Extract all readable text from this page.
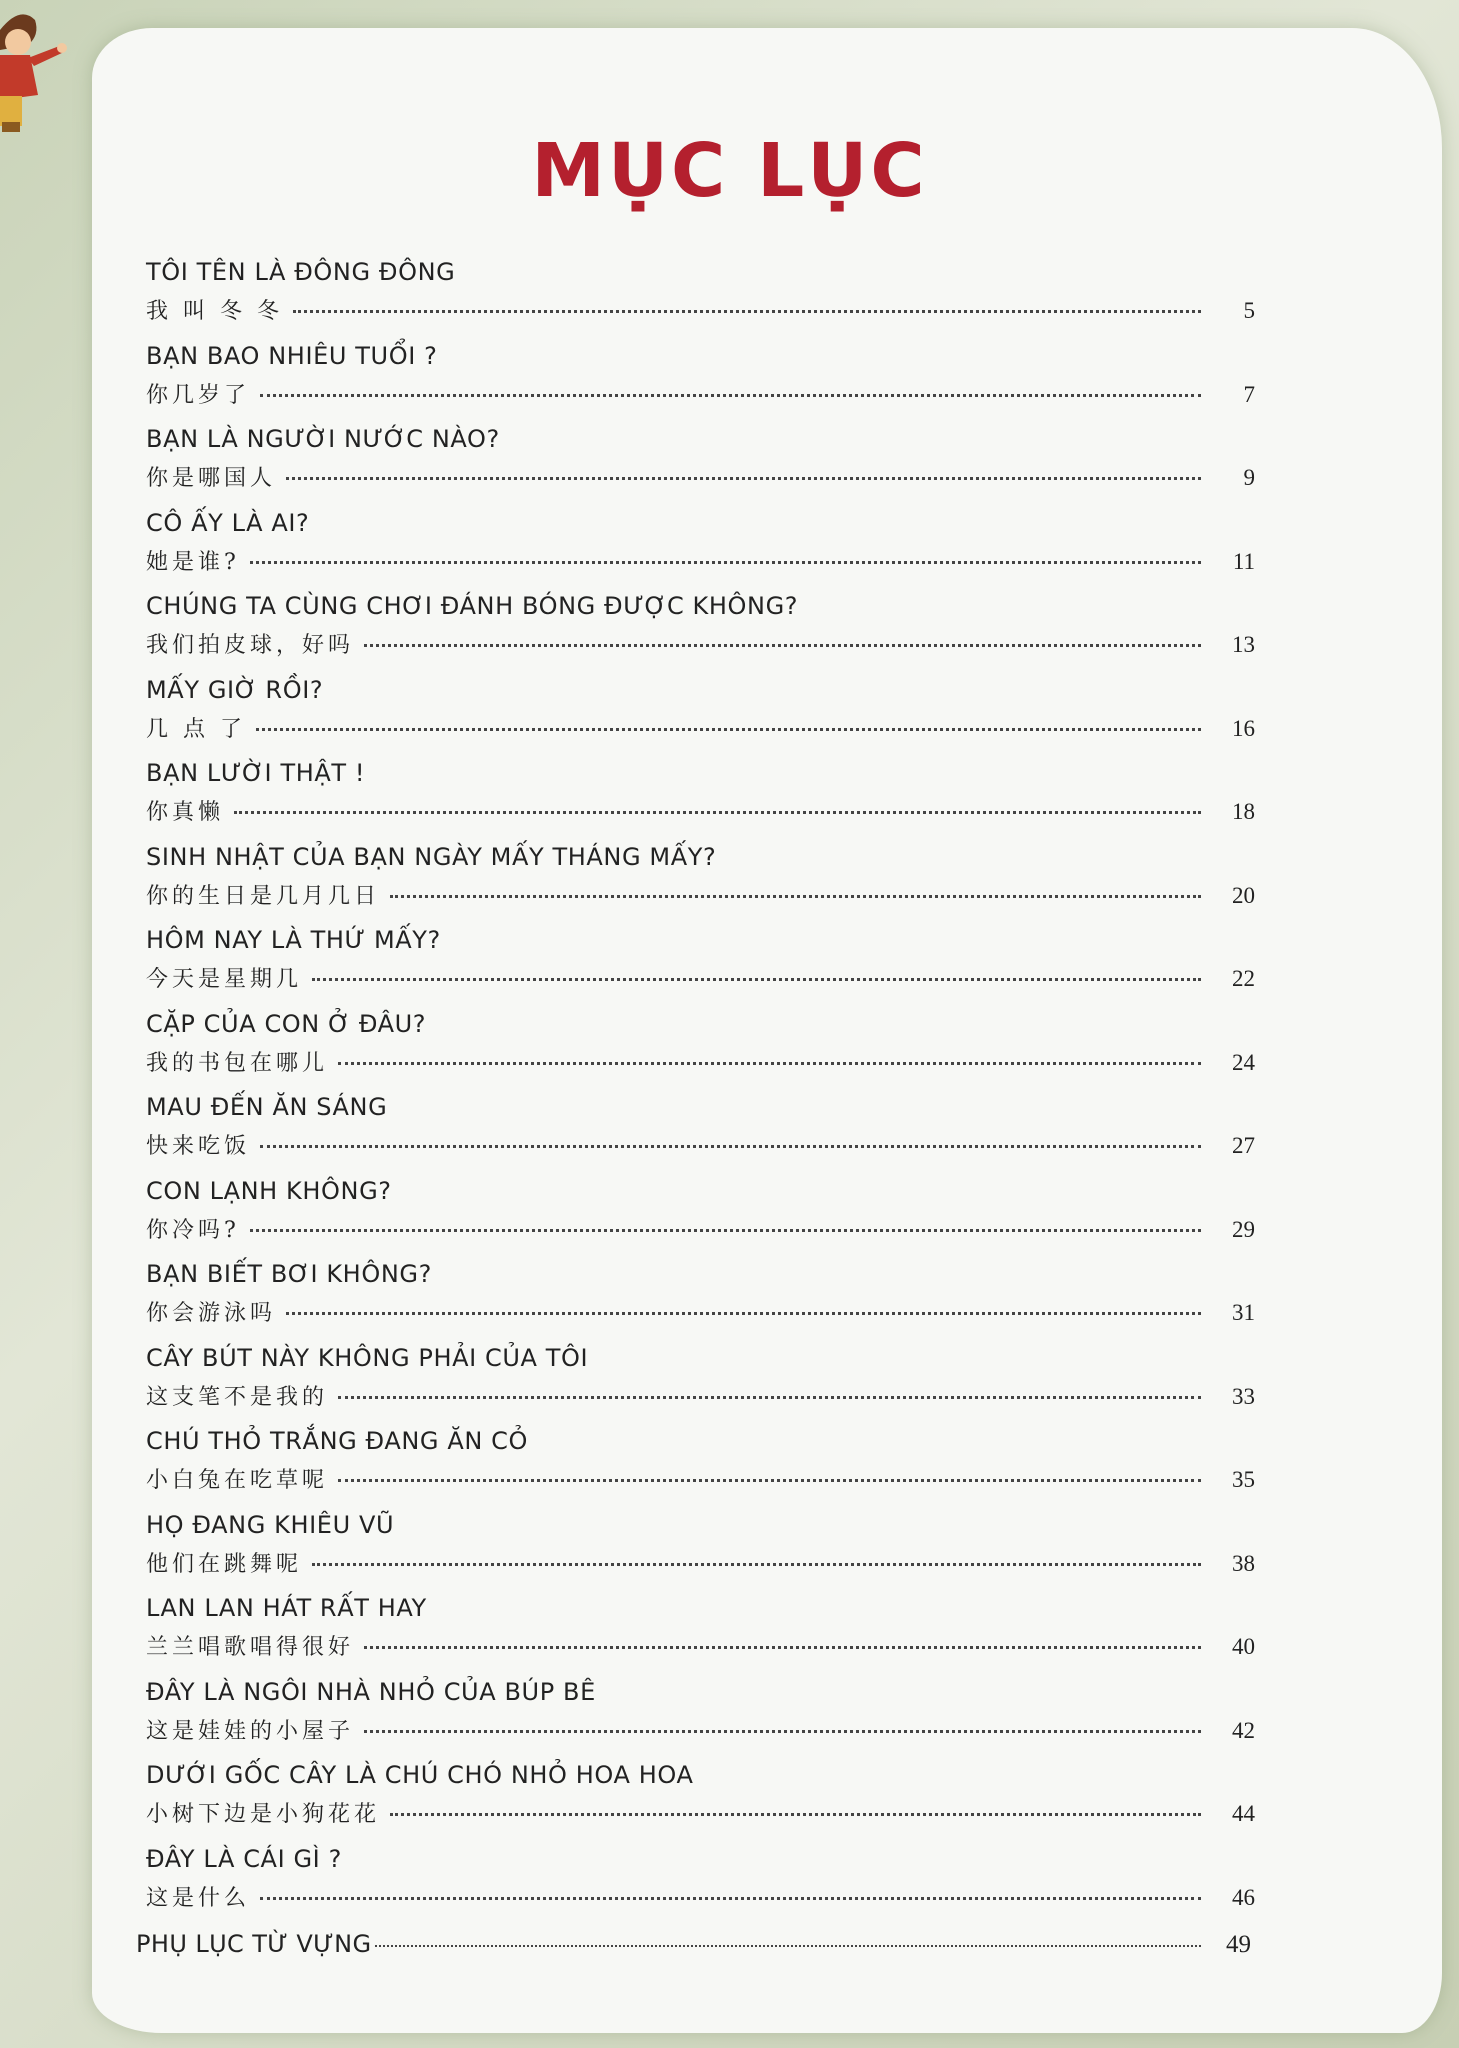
MỤC LỤC
TÔI TÊN LÀ ĐÔNG ĐÔNG
我 叫 冬 冬	5
BẠN BAO NHIÊU TUỔI ?
你几岁了	7
BẠN LÀ NGƯỜI NƯỚC NÀO?
你是哪国人	9
CÔ ẤY LÀ AI?
她是谁?	11
CHÚNG TA CÙNG CHƠI ĐÁNH BÓNG ĐƯỢC KHÔNG?
我们拍皮球，好吗	13
MẤY GIỜ RỒI?
几 点 了	16
BẠN LƯỜI THẬT !
你真懒	18
SINH NHẬT CỦA BẠN NGÀY MẤY THÁNG MẤY?
你的生日是几月几日	20
HÔM NAY LÀ THỨ MẤY?
今天是星期几	22
CẶP CỦA CON Ở ĐÂU?
我的书包在哪儿	24
MAU ĐẾN ĂN SÁNG
快来吃饭	27
CON LẠNH KHÔNG?
你冷吗?	29
BẠN BIẾT BƠI KHÔNG?
你会游泳吗	31
CÂY BÚT NÀY KHÔNG PHẢI CỦA TÔI
这支笔不是我的	33
CHÚ THỎ TRẮNG ĐANG ĂN CỎ
小白兔在吃草呢	35
HỌ ĐANG KHIÊU VŨ
他们在跳舞呢	38
LAN LAN HÁT RẤT HAY
兰兰唱歌唱得很好	40
ĐÂY LÀ NGÔI NHÀ NHỎ CỦA BÚP BÊ
这是娃娃的小屋子	42
DƯỚI GỐC CÂY LÀ CHÚ CHÓ NHỎ HOA HOA
小树下边是小狗花花	44
ĐÂY LÀ CÁI GÌ ?
这是什么	46
PHỤ LỤC TỪ VỰNG	49
